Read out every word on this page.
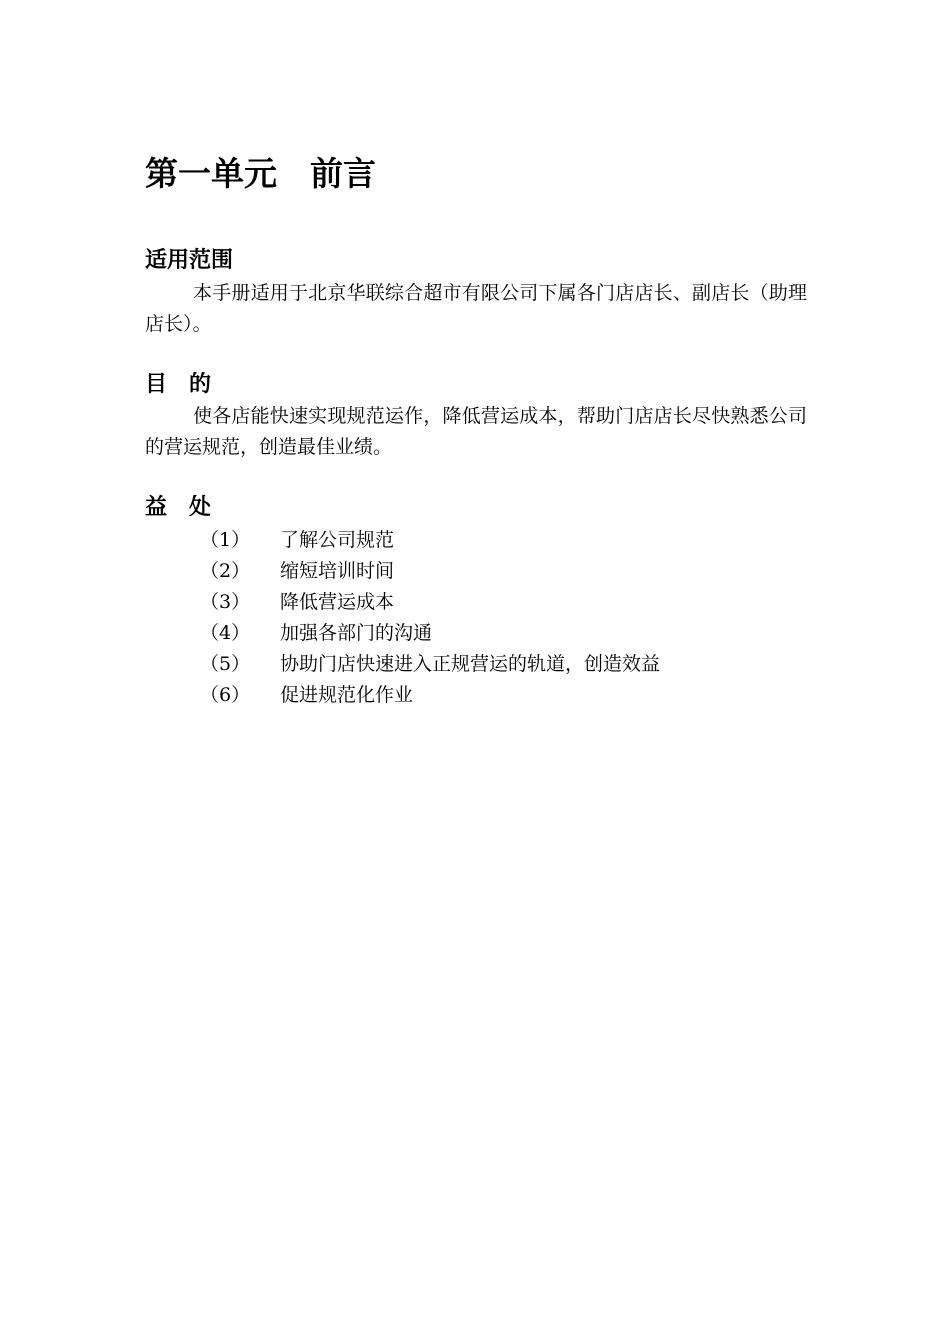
第一单元　前言
适用范围

本手册适用于北京华联综合超市有限公司下属各门店店长、副店长（助理店长）。

目　的

使各店能快速实现规范运作，降低营运成本，帮助门店店长尽快熟悉公司的营运规范，创造最佳业绩。

益　处
（1）	了解公司规范
（2）	缩短培训时间
（3）	降低营运成本
（4）	加强各部门的沟通
（5）	协助门店快速进入正规营运的轨道，创造效益
（6）	促进规范化作业
